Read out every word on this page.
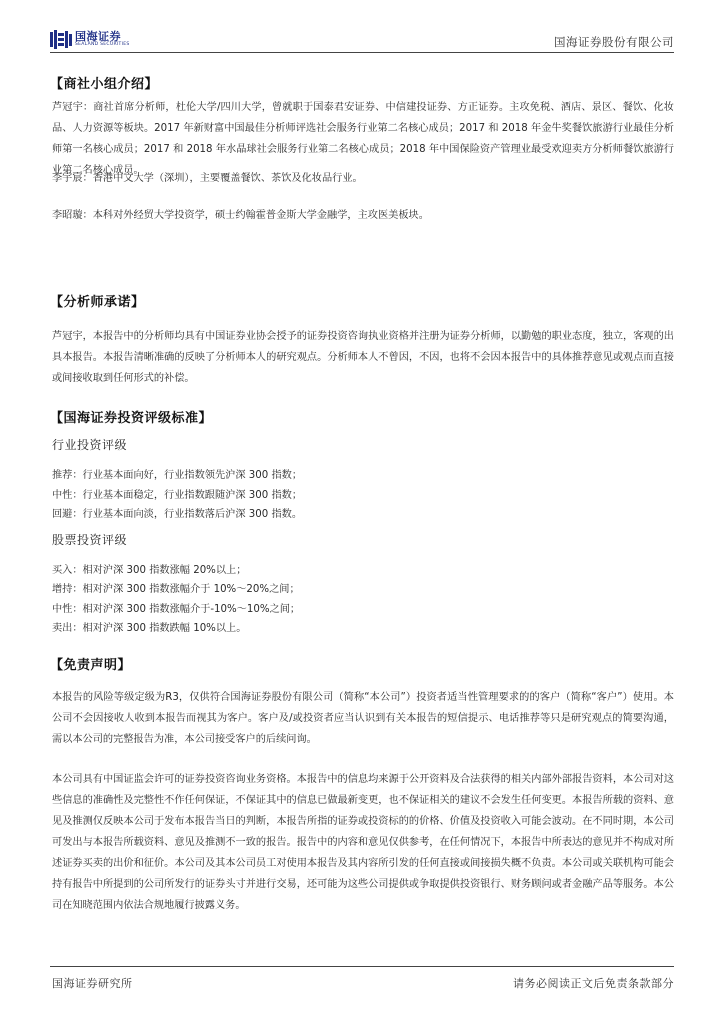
国海证券
SEALAND SECURITIES	国海证券股份有限公司
【商社小组介绍】

芦冠宇：商社首席分析师，杜伦大学/四川大学，曾就职于国泰君安证券、中信建投证券、方正证券。主攻免税、酒店、景区、餐饮、化妆品、人力资源等板块。2017 年新财富中国最佳分析师评选社会服务行业第二名核心成员；2017 和 2018 年金牛奖餐饮旅游行业最佳分析师第一名核心成员；2017 和 2018 年水晶球社会服务行业第二名核心成员；2018 年中国保险资产管理业最受欢迎卖方分析师餐饮旅游行业第二名核心成员。

李宇宸：香港中文大学（深圳），主要覆盖餐饮、茶饮及化妆品行业。

李昭璇：本科对外经贸大学投资学，硕士约翰霍普金斯大学金融学，主攻医美板块。

【分析师承诺】

芦冠宇，本报告中的分析师均具有中国证券业协会授予的证券投资咨询执业资格并注册为证券分析师，以勤勉的职业态度，独立，客观的出具本报告。本报告清晰准确的反映了分析师本人的研究观点。分析师本人不曾因，不因，也将不会因本报告中的具体推荐意见或观点而直接或间接收取到任何形式的补偿。

【国海证券投资评级标准】
行业投资评级
推荐：行业基本面向好，行业指数领先沪深 300 指数；
中性：行业基本面稳定，行业指数跟随沪深 300 指数；
回避：行业基本面向淡，行业指数落后沪深 300 指数。
股票投资评级
买入：相对沪深 300 指数涨幅 20%以上；
增持：相对沪深 300 指数涨幅介于 10%～20%之间；
中性：相对沪深 300 指数涨幅介于-10%～10%之间；
卖出：相对沪深 300 指数跌幅 10%以上。
【免责声明】

本报告的风险等级定级为R3，仅供符合国海证券股份有限公司（简称“本公司”）投资者适当性管理要求的的客户（简称“客户”）使用。本公司不会因接收人收到本报告而视其为客户。客户及/或投资者应当认识到有关本报告的短信提示、电话推荐等只是研究观点的简要沟通，需以本公司的完整报告为准，本公司接受客户的后续问询。

本公司具有中国证监会许可的证券投资咨询业务资格。本报告中的信息均来源于公开资料及合法获得的相关内部外部报告资料，本公司对这些信息的准确性及完整性不作任何保证，不保证其中的信息已做最新变更，也不保证相关的建议不会发生任何变更。本报告所载的资料、意见及推测仅反映本公司于发布本报告当日的判断，本报告所指的证券或投资标的的价格、价值及投资收入可能会波动。在不同时期，本公司可发出与本报告所载资料、意见及推测不一致的报告。报告中的内容和意见仅供参考，在任何情况下，本报告中所表达的意见并不构成对所述证券买卖的出价和征价。本公司及其本公司员工对使用本报告及其内容所引发的任何直接或间接损失概不负责。本公司或关联机构可能会持有报告中所提到的公司所发行的证券头寸并进行交易，还可能为这些公司提供或争取提供投资银行、财务顾问或者金融产品等服务。本公司在知晓范围内依法合规地履行披露义务。

国海证券研究所	请务必阅读正文后免责条款部分
